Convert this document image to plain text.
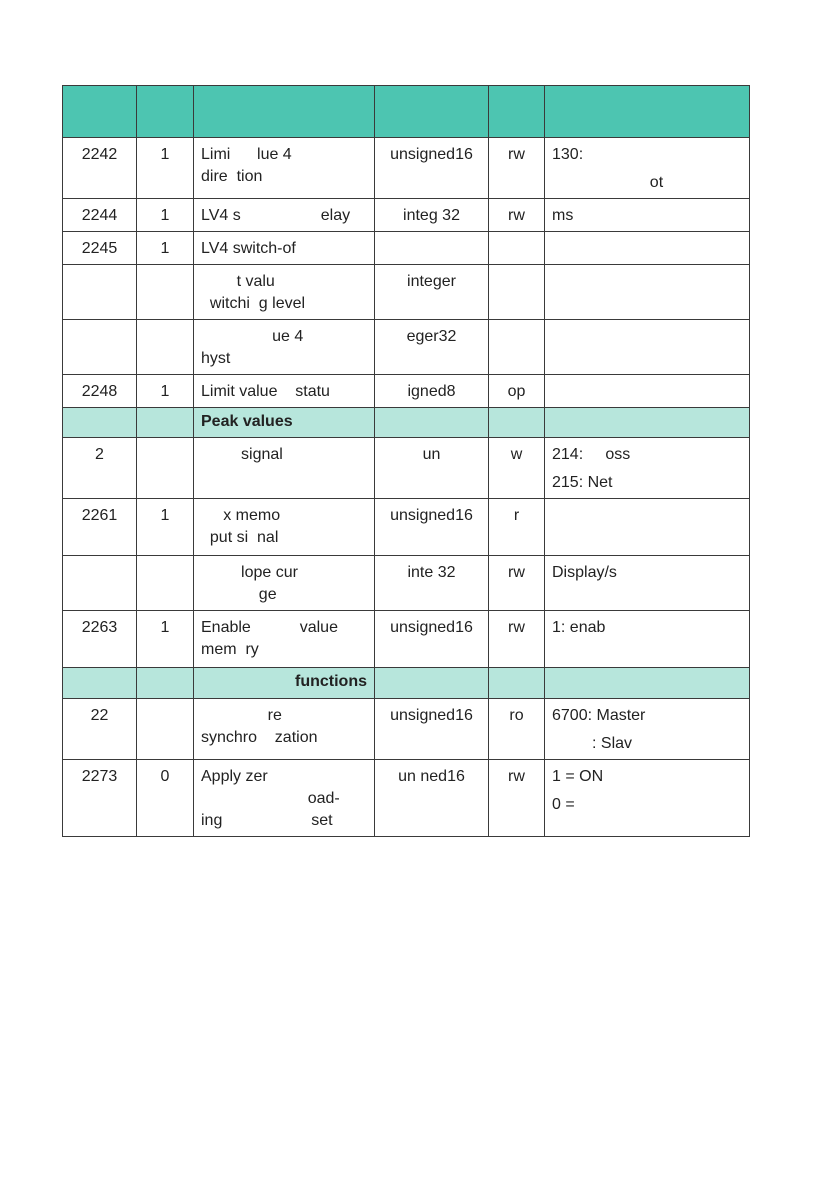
2242	1	Limi      lue 4
dire  tion	unsigned16	rw	130:
ot

2244	1	LV4 s                  elay	integ 32	rw	ms

2245	1	LV4 switch-of			

		t valu
witchi  g level	integer		

		ue 4
hyst	eger32		

2248	1	Limit value    statu	igned8	op	

		Peak values			
2		signal	un	w	214:     oss
215: Net

2261	1	x memo
put si  nal	unsigned16	r	

		lope cur
ge	inte 32	rw	Display/s

2263	1	Enable           value
mem  ry	unsigned16	rw	1: enab

		functions			
22		re
synchro    zation	unsigned16	ro	6700: Master
: Slav

2273	0	Apply zer
oad-
ing                    set	un ned16	rw	1 = ON
0 =
